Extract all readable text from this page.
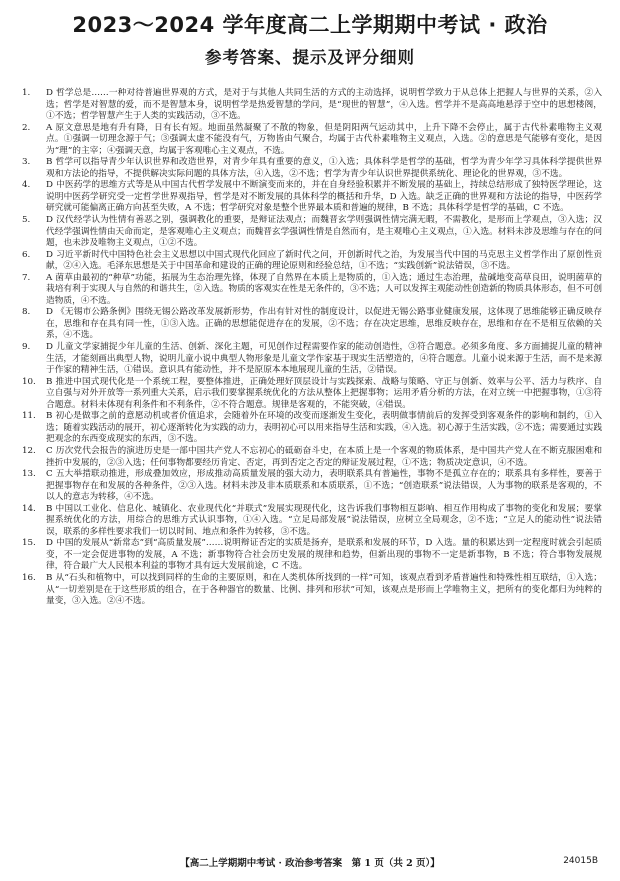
2023～2024 学年度高二上学期期中考试 · 政治
参考答案、提示及评分细则

1. D 哲学总是……一种对待普遍世界观的方式，是对于与其他人共同生活的方式的主动选择，说明哲学致力于从总体上把握人与世界的关系，②入选；哲学是对智慧的爱，而不是智慧本身，说明哲学是热爱智慧的学问，是“现世的智慧”，④入选。哲学并不是高高地悬浮于空中的思想楼阁，①不选；哲学智慧产生于人类的实践活动，③不选。

2. A 原文意思是地有升有降，日有长有短。地面虽然凝聚了不散的物象，但是阴阳两气运动其中，上升下降不会停止，属于古代朴素唯物主义观点。①强调一切理念源于气；③强调太虚不能没有气，万物皆由气聚合，均属于古代朴素唯物主义观点，入选。②的意思是气能够有变化，是因为“理”的主宰；④强调天意，均属于客观唯心主义观点，不选。

3. B 哲学可以指导青少年认识世界和改造世界，对青少年具有重要的意义，①入选；具体科学是哲学的基础，哲学为青少年学习具体科学提供世界观和方法论的指导，不提供解决实际问题的具体方法，④入选，②不选；哲学为青少年认识世界提供系统化、理论化的世界观，③不选。

4. D 中医药学的思维方式等是从中国古代哲学发展中不断演变而来的，并在自身经验积累并不断发展的基础上，持续总结形成了独特医学理论，这说明中医药学研究受一定哲学世界观指导，哲学是对不断发展的具体科学的概括和升华，D 入选。缺乏正确的世界观和方法论的指导，中医药学研究就可能偏离正确方向甚至失败，A 不选；哲学研究对象是整个世界最本质和普遍的规律，B 不选；具体科学是哲学的基础，C 不选。

5. D 汉代经学认为性情有善恶之别，强调教化的重要，是辩证法观点；而魏晋玄学则强调性情完满无暇，不需教化，是形而上学观点，③入选；汉代经学强调性情由天命而定，是客观唯心主义观点；而魏晋玄学强调性情是自然而有，是主观唯心主义观点，①入选。材料未涉及思维与存在的问题，也未涉及唯物主义观点，①②不选。

6. D 习近平新时代中国特色社会主义思想以中国式现代化回应了新时代之问，开创新时代之治，为发展当代中国的马克思主义哲学作出了原创性贡献，②④入选。毛泽东思想是关于中国革命和建设的正确的理论原则和经验总结，①不选；“实践创新”说法错误，③不选。

7. A 菌草由最初的“种草”功能，拓展为生态治理先锋，体现了自然界在本质上是物质的，①入选；通过生态治理，盐碱地变高草良田，说明菌草的栽培有利于实现人与自然的和谐共生，②入选。物质的客观实在性是无条件的，③不选；人可以发挥主观能动性创造新的物质具体形态，但不可创造物质，④不选。

8. D 《无锡市公路条例》围绕无锡公路改革发展新形势，作出有针对性的制度设计，以促进无锡公路事业健康发展，这体现了思维能够正确反映存在，思维和存在具有同一性，①③入选。正确的思想能促进存在的发展，②不选；存在决定思维，思维反映存在，思维和存在不是相互依赖的关系，④不选。

9. D 儿童文学家捕捉少年儿童的生活、创新、深化主题，可见创作过程需要作家的能动创造性，③符合题意。必须多角度、多方面捕捉儿童的精神生活，才能刻画出典型人物，说明儿童小说中典型人物形象是儿童文学作家基于现实生活塑造的，④符合题意。儿童小说来源于生活，而不是来源于作家的精神生活，①错误。意识具有能动性，并不是原原本本地展现儿童的生活，②错误。

10. B 推进中国式现代化是一个系统工程，要整体推进，正确处理好顶层设计与实践探索、战略与策略、守正与创新、效率与公平、活力与秩序、自立自强与对外开放等一系列重大关系，启示我们要掌握系统优化的方法从整体上把握事物；运用矛盾分析的方法，在对立统一中把握事物，①③符合题意。材料未体现有利条件和不利条件，②不符合题意。规律是客观的，不能突破，④错误。

11. B 初心是做事之前的意愿动机或者价值追求，会随着外在环境的改变而逐渐发生变化，表明做事情前后的发挥受到客观条件的影响和制约，①入选；随着实践活动的展开，初心逐渐转化为实践的动力，表明初心可以用来指导生活和实践，④入选。初心源于生活实践，②不选；需要通过实践把观念的东西变成现实的东西，③不选。

12. C 历次党代会报告的演进历史是一部中国共产党人不忘初心的砥砺奋斗史，在本质上是一个客观的物质体系，是中国共产党人在不断克服困难和挫折中发展的，②③入选；任何事物都要经历肯定、否定，再到否定之否定的辩证发展过程，①不选；物质决定意识，④不选。

13. C 五大举措联动推进，形成叠加效应，形成推动高质量发展的强大动力，表明联系具有普遍性，事物不是孤立存在的；联系具有多样性，要善于把握事物存在和发展的各种条件，②③入选。材料未涉及非本质联系和本质联系，①不选；“创造联系”说法错误，人为事物的联系是客观的，不以人的意志为转移，④不选。

14. B 中国以工业化、信息化、城镇化、农业现代化“并联式”发展实现现代化，这告诉我们事物相互影响、相互作用构成了事物的变化和发展；要掌握系统优化的方法，用综合的思维方式认识事物，①④入选。“立足局部发展”说法错误，应树立全局观念，②不选；“立足人的能动性”说法错误，联系的多样性要求我们一切以时间、地点和条件为转移，③不选。

15. D 中国的发展从“新常态”到“高质量发展”……说明辩证否定的实质是扬弃，是联系和发展的环节，D 入选。量的积累达到一定程度时就会引起质变，不一定会促进事物的发展，A 不选；新事物符合社会历史发展的规律和趋势，但新出现的事物不一定是新事物，B 不选；符合事物发展规律，符合最广大人民根本利益的事物才具有远大发展前途，C 不选。

16. B 从“石头和植物中，可以找到同样的生命的主要原则，和在人类机体所找到的一样”可知，该观点看到矛盾普遍性和特殊性相互联结，①入选；从“一切差别是在于这些形质的组合，在于各种器官的数量、比例、排列和形状”可知，该观点是形而上学唯物主义，把所有的变化都归为纯粹的量变，③入选。②④不选。

【高二上学期期中考试 · 政治参考答案　第 1 页（共 2 页）】	24015B
